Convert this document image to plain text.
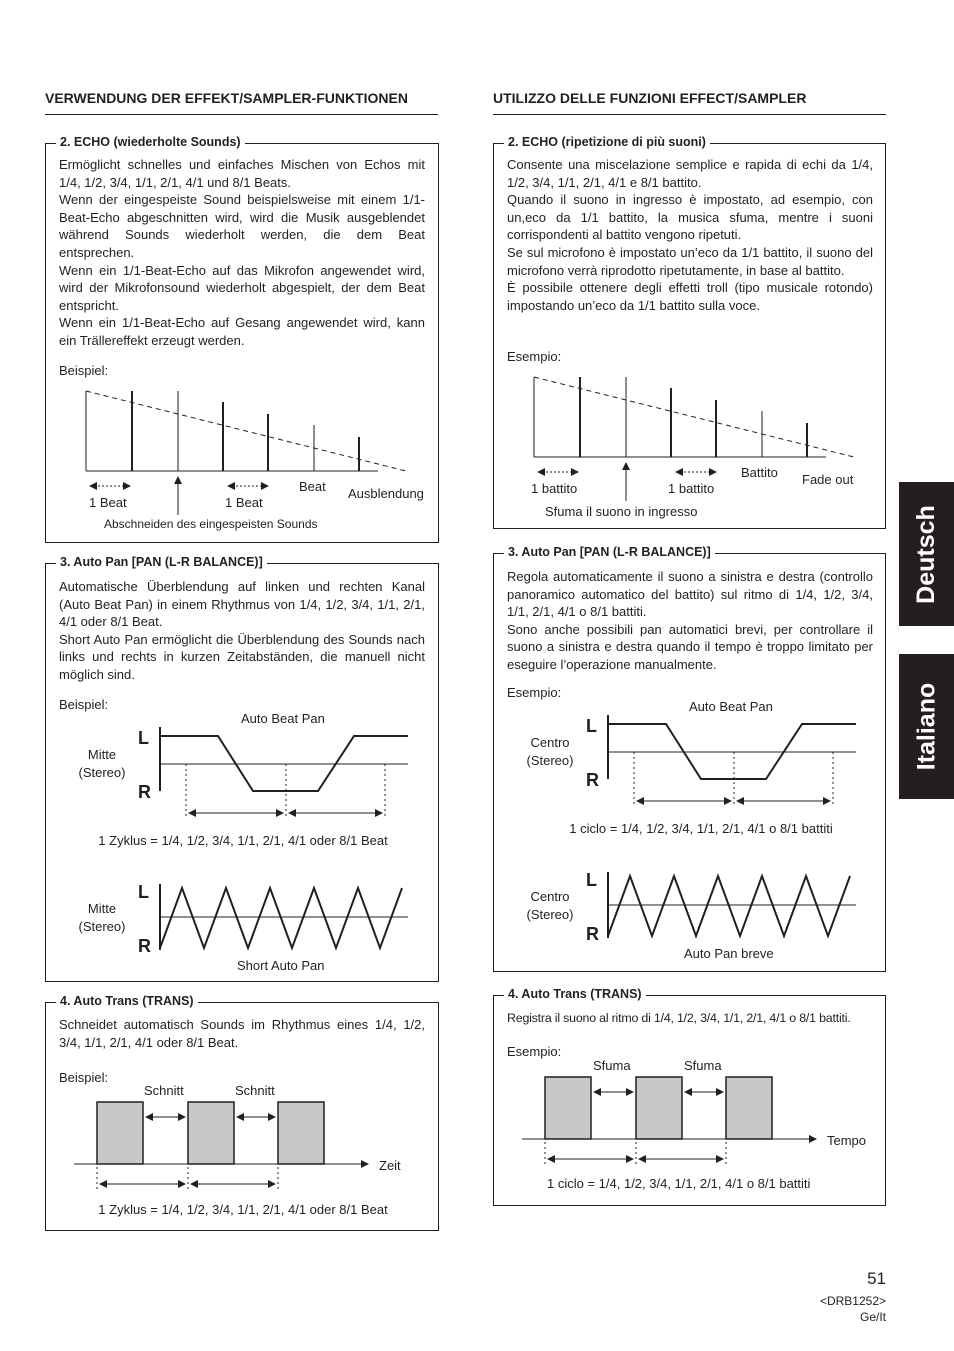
VERWENDUNG DER EFFEKT/SAMPLER-FUNKTIONEN
2. ECHO (wiederholte Sounds)

Ermöglicht schnelles und einfaches Mischen von Echos mit 1/4, 1/2, 3/4, 1/1, 2/1, 4/1 und 8/1 Beats.

Wenn der eingespeiste Sound beispielsweise mit einem 1/1-Beat-Echo abgeschnitten wird, wird die Musik ausgeblendet während Sounds wiederholt werden, die dem Beat entsprechen.

Wenn ein 1/1-Beat-Echo auf das Mikrofon angewendet wird, wird der Mikrofonsound wiederholt abgespielt, der dem Beat entspricht.

Wenn ein 1/1-Beat-Echo auf Gesang angewendet wird, kann ein Trällereffekt erzeugt werden.

Beispiel:
1 Beat	1 Beat
Beat Ausblendung
Abschneiden des eingespeisten Sounds
3. Auto Pan [PAN (L-R BALANCE)]

Automatische Überblendung auf linken und rechten Kanal (Auto Beat Pan) in einem Rhythmus von 1/4, 1/2, 3/4, 1/1, 2/1, 4/1 oder 8/1 Beat.

Short Auto Pan ermöglicht die Überblendung des Sounds nach links und rechts in kurzen Zeitabständen, die manuell nicht möglich sind.

Beispiel:
Auto Beat Pan
L
R
Mitte
(Stereo)
1 Zyklus = 1/4, 1/2, 3/4, 1/1, 2/1, 4/1 oder 8/1 Beat
L
R
Mitte
(Stereo)
Short Auto Pan
4. Auto Trans (TRANS)
Schneidet automatisch Sounds im Rhythmus eines 1/4, 1/2, 3/4, 1/1, 2/1, 4/1 oder 8/1 Beat.
Beispiel:
Schnitt	Schnitt
Zeit
1 Zyklus = 1/4, 1/2, 3/4, 1/1, 2/1, 4/1 oder 8/1 Beat
UTILIZZO DELLE FUNZIONI EFFECT/SAMPLER
2. ECHO (ripetizione di più suoni)

Consente una miscelazione semplice e rapida di echi da 1/4, 1/2, 3/4, 1/1, 2/1, 4/1 e 8/1 battito.

Quando il suono in ingresso è impostato, ad esempio, con un,eco da 1/1 battito, la musica sfuma, mentre i suoni corrispondenti al battito vengono ripetuti.

Se sul microfono è impostato un’eco da 1/1 battito, il suono del microfono verrà riprodotto ripetutamente, in base al battito.

È possibile ottenere degli effetti troll (tipo musicale rotondo) impostando un’eco da 1/1 battito sulla voce.

Esempio:
1 battito	1 battito
Battito Fade out
Sfuma il suono in ingresso
3. Auto Pan [PAN (L-R BALANCE)]

Regola automaticamente il suono a sinistra e destra (controllo panoramico automatico del battito) sul ritmo di 1/4, 1/2, 3/4, 1/1, 2/1, 4/1 o 8/1 battiti.

Sono anche possibili pan automatici brevi, per controllare il suono a sinistra e destra quando il tempo è troppo limitato per eseguire l’operazione manualmente.

Esempio:
Auto Beat Pan
L
R
Centro
(Stereo)
1 ciclo = 1/4, 1/2, 3/4, 1/1, 2/1, 4/1 o 8/1 battiti
L
R
Centro
(Stereo)
Auto Pan breve
4. Auto Trans (TRANS)
Registra il suono al ritmo di 1/4, 1/2, 3/4, 1/1, 2/1, 4/1 o 8/1 battiti.
Esempio:
Sfuma	Sfuma
Tempo
1 ciclo = 1/4, 1/2, 3/4, 1/1, 2/1, 4/1 o 8/1 battiti
Deutsch
Italiano
51
<DRB1252>
Ge/It
